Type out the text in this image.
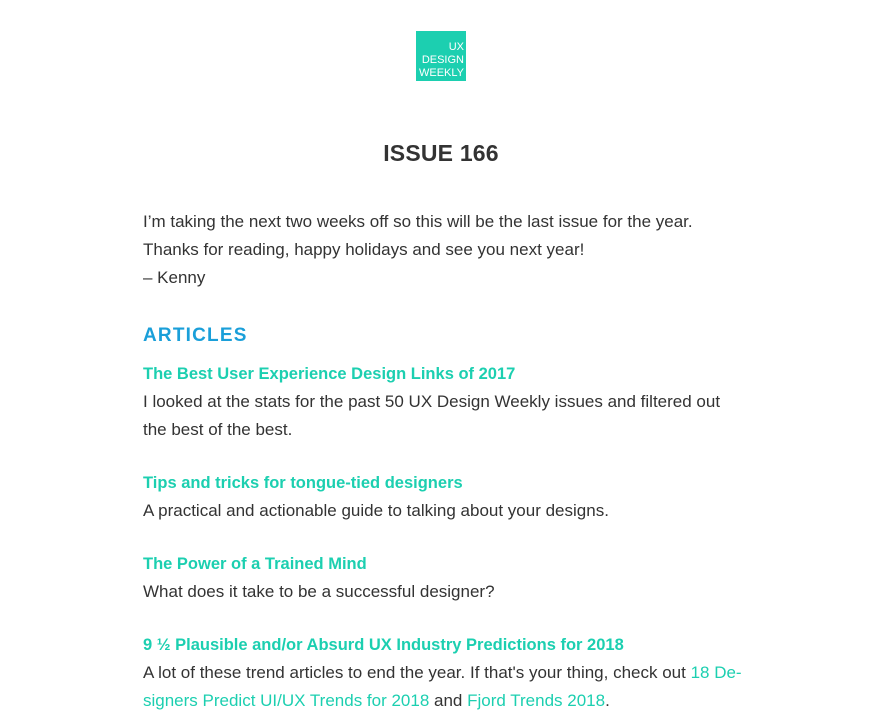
UX
DESIGN
WEEKLY
ISSUE 166

I’m taking the next two weeks off so this will be the last issue for the year.

Thanks for reading, happy holidays and see you next year!

– Kenny

ARTICLES
The Best User Experience Design Links of 2017

I looked at the stats for the past 50 UX Design Weekly issues and filtered out the best of the best.

Tips and tricks for tongue-tied designers

A practical and actionable guide to talking about your designs.

The Power of a Trained Mind

What does it take to be a successful designer?

9 ½ Plausible and/or Absurd UX Industry Predictions for 2018

A lot of these trend articles to end the year. If that's your thing, check out 18 De-signers Predict UI/UX Trends for 2018 and Fjord Trends 2018.
